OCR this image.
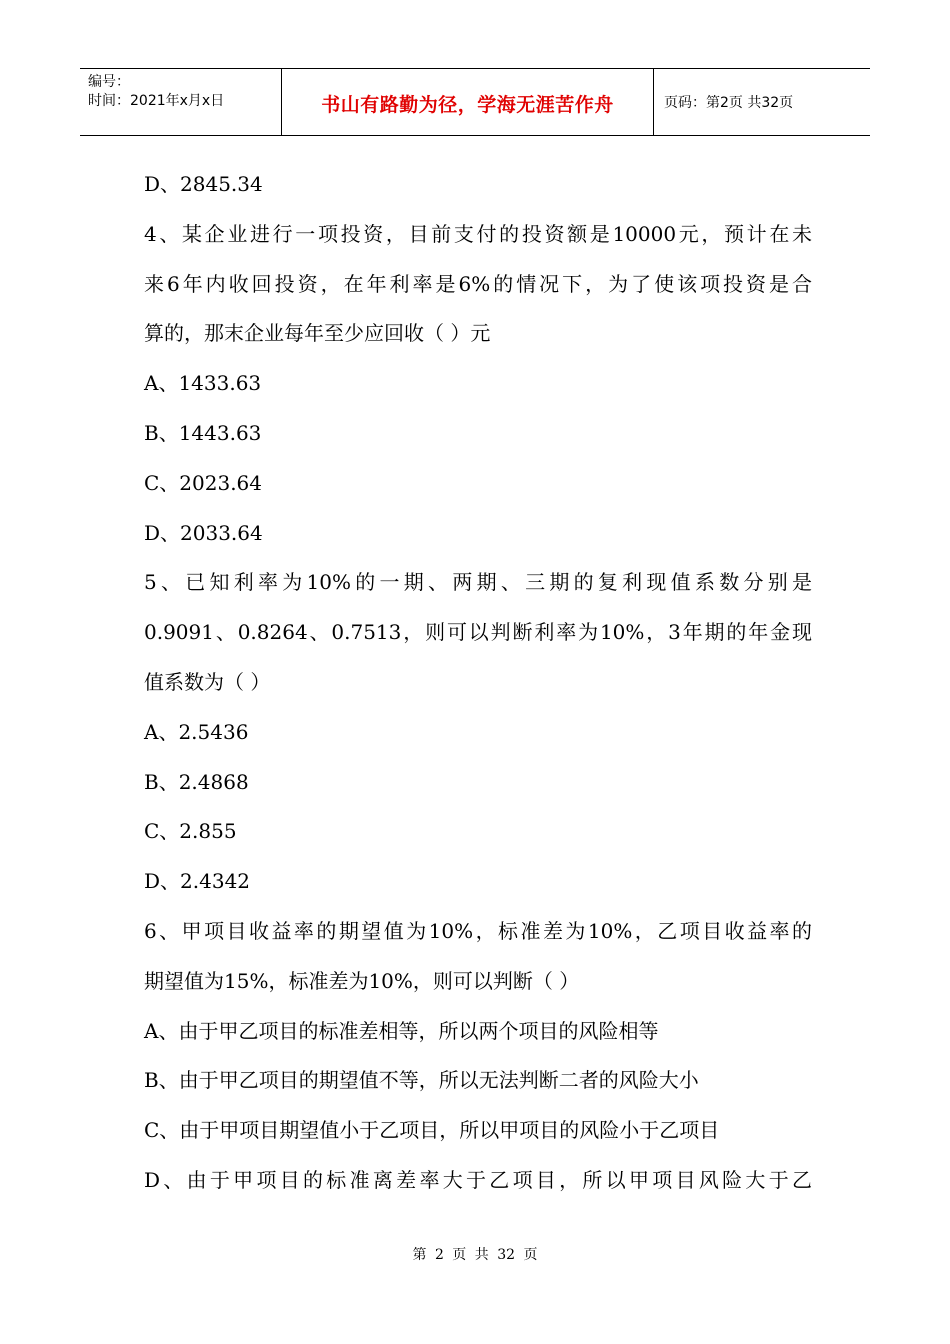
编号：
时间：2021年x月x日	书山有路勤为径，学海无涯苦作舟	页码：第2页 共32页
D、2845.34
4、某企业进行一项投资，目前支付的投资额是10000元，预计在未
来6年内收回投资，在年利率是6%的情况下，为了使该项投资是合
算的，那末企业每年至少应回收（ ）元
A、1433.63
B、1443.63
C、2023.64
D、2033.64
5、已知利率为10%的一期、两期、三期的复利现值系数分别是
0.9091、0.8264、0.7513，则可以判断利率为10%，3年期的年金现
值系数为（ ）
A、2.5436
B、2.4868
C、2.855
D、2.4342
6、甲项目收益率的期望值为10%，标准差为10%，乙项目收益率的
期望值为15%，标准差为10%，则可以判断（ ）
A、由于甲乙项目的标准差相等，所以两个项目的风险相等
B、由于甲乙项目的期望值不等，所以无法判断二者的风险大小
C、由于甲项目期望值小于乙项目，所以甲项目的风险小于乙项目
D、由于甲项目的标准离差率大于乙项目，所以甲项目风险大于乙
第 2 页 共 32 页
